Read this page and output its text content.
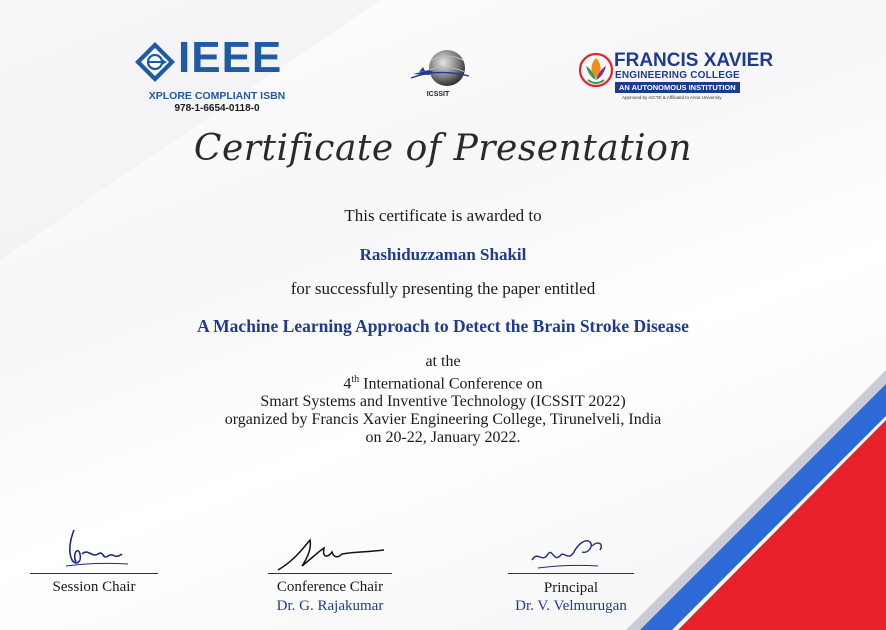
IEEE
XPLORE COMPLIANT ISBN
978-1-6654-0118-0
ICSSIT
FRANCIS XAVIER
ENGINEERING COLLEGE
AN AUTONOMOUS INSTITUTION
Approved by AICTE & Affiliated to Anna University
Certificate of Presentation
This certificate is awarded to
Rashiduzzaman Shakil
for successfully presenting the paper entitled
A Machine Learning Approach to Detect the Brain Stroke Disease
at the
4th International Conference on
Smart Systems and Inventive Technology (ICSSIT 2022)
organized by Francis Xavier Engineering College, Tirunelveli, India
on 20-22, January 2022.
Session Chair	Conference Chair
Dr. G. Rajakumar
Principal
Dr. V. Velmurugan
